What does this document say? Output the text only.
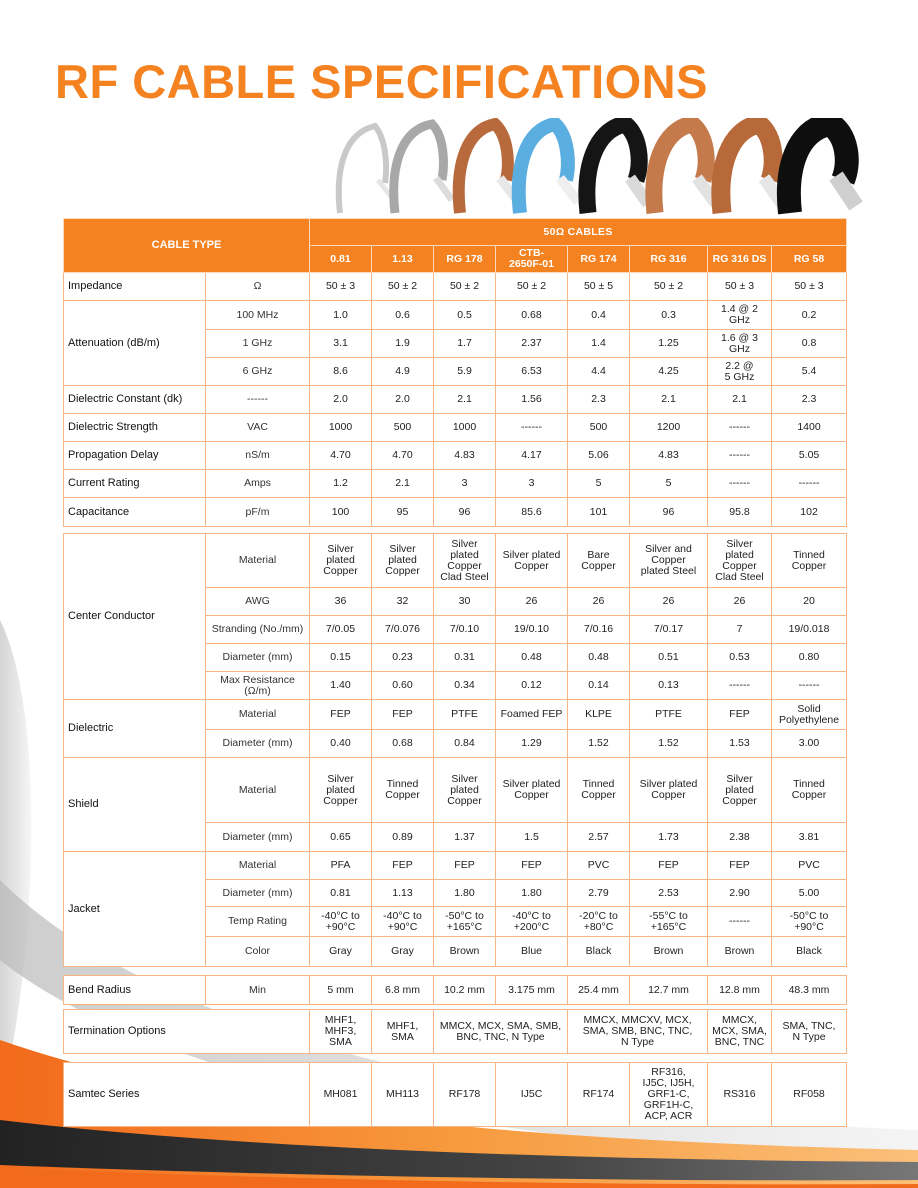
RF CABLE SPECIFICATIONS
CABLE TYPE		50Ω CABLES							
		0.81	1.13	RG 178	CTB-
2650F-01	RG 174	RG 316	RG 316 DS	RG 58
Impedance	Ω	50 ± 3	50 ± 2	50 ± 2	50 ± 2	50 ± 5	50 ± 2	50 ± 3	50 ± 3
Attenuation (dB/m)	100 MHz	1.0	0.6	0.5	0.68	0.4	0.3	1.4 @ 2 GHz	0.2
	1 GHz	3.1	1.9	1.7	2.37	1.4	1.25	1.6 @ 3 GHz	0.8
	6 GHz	8.6	4.9	5.9	6.53	4.4	4.25	2.2 @
5 GHz	5.4
Dielectric Constant (dk)	------	2.0	2.0	2.1	1.56	2.3	2.1	2.1	2.3
Dielectric Strength	VAC	1000	500	1000	------	500	1200	------	1400
Propagation Delay	nS/m	4.70	4.70	4.83	4.17	5.06	4.83	------	5.05
Current Rating	Amps	1.2	2.1	3	3	5	5	------	------
Capacitance	pF/m	100	95	96	85.6	101	96	95.8	102
Center Conductor	Material	Silver
plated
Copper	Silver
plated
Copper	Silver
plated
Copper
Clad Steel	Silver plated
Copper	Bare
Copper	Silver and
Copper
plated Steel	Silver
plated
Copper
Clad Steel	Tinned
Copper
	AWG	36	32	30	26	26	26	26	20
	Stranding (No./mm)	7/0.05	7/0.076	7/0.10	19/0.10	7/0.16	7/0.17	7	19/0.018
	Diameter (mm)	0.15	0.23	0.31	0.48	0.48	0.51	0.53	0.80
	Max Resistance
(Ω/m)	1.40	0.60	0.34	0.12	0.14	0.13	------	------
Dielectric	Material	FEP	FEP	PTFE	Foamed FEP	KLPE	PTFE	FEP	Solid
Polyethylene
	Diameter (mm)	0.40	0.68	0.84	1.29	1.52	1.52	1.53	3.00
Shield	Material	Silver
plated
Copper	Tinned
Copper	Silver
plated
Copper	Silver plated
Copper	Tinned
Copper	Silver plated
Copper	Silver
plated
Copper	Tinned
Copper
	Diameter (mm)	0.65	0.89	1.37	1.5	2.57	1.73	2.38	3.81
Jacket	Material	PFA	FEP	FEP	FEP	PVC	FEP	FEP	PVC
	Diameter (mm)	0.81	1.13	1.80	1.80	2.79	2.53	2.90	5.00
	Temp Rating	-40°C to
+90°C	-40°C to
+90°C	-50°C to
+165°C	-40°C to
+200°C	-20°C to
+80°C	-55°C to
+165°C	------	-50°C to
+90°C
	Color	Gray	Gray	Brown	Blue	Black	Brown	Brown	Black
Bend Radius	Min	5 mm	6.8 mm	10.2 mm	3.175 mm	25.4 mm	12.7 mm	12.8 mm	48.3 mm
Termination Options	MHF1,
MHF3,
SMA	MHF1,
SMA	MMCX, MCX, SMA, SMB,
BNC, TNC, N Type	MMCX, MMCXV, MCX,
SMA, SMB, BNC, TNC,
N Type	MMCX,
MCX, SMA,
BNC, TNC	SMA, TNC,
N Type
Samtec Series	MH081	MH113	RF178	IJ5C	RF174	RF316,
IJ5C, IJ5H,
GRF1-C,
GRF1H-C,
ACP, ACR	RS316	RF058
